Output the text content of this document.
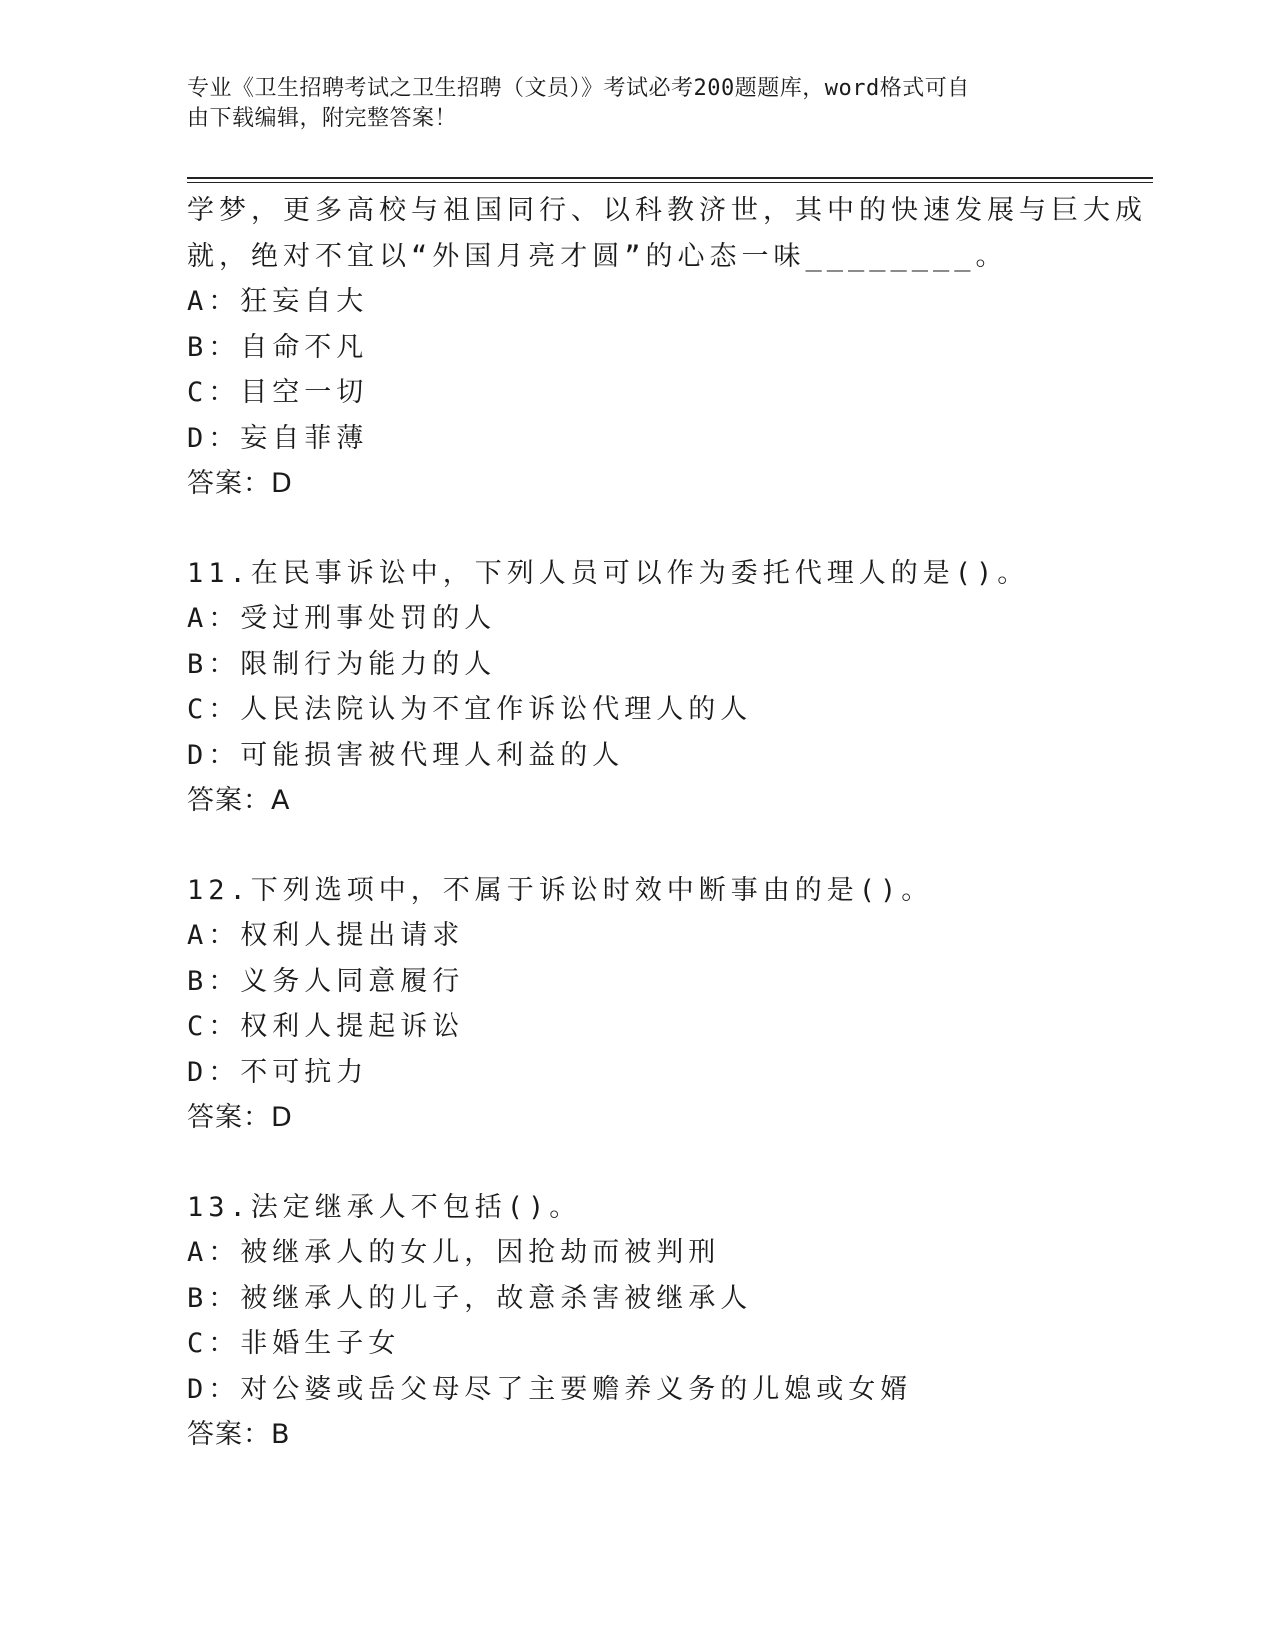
专业《卫生招聘考试之卫生招聘（文员）》考试必考200题题库，word格式可自
由下载编辑，附完整答案！
学梦，更多高校与祖国同行、以科教济世，其中的快速发展与巨大成
就，绝对不宜以“外国月亮才圆”的心态一味________。
A：狂妄自大
B：自命不凡
C：目空一切
D：妄自菲薄
答案：D
11.在民事诉讼中，下列人员可以作为委托代理人的是()。
A：受过刑事处罚的人
B：限制行为能力的人
C：人民法院认为不宜作诉讼代理人的人
D：可能损害被代理人利益的人
答案：A
12.下列选项中，不属于诉讼时效中断事由的是()。
A：权利人提出请求
B：义务人同意履行
C：权利人提起诉讼
D：不可抗力
答案：D
13.法定继承人不包括()。
A：被继承人的女儿，因抢劫而被判刑
B：被继承人的儿子，故意杀害被继承人
C：非婚生子女
D：对公婆或岳父母尽了主要赡养义务的儿媳或女婿
答案：B
